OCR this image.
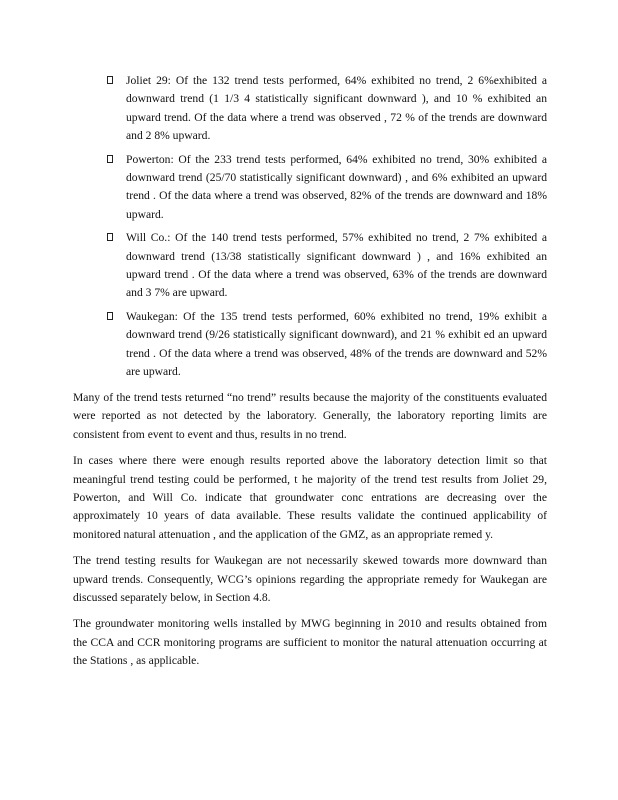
Joliet 29: Of the 132 trend tests performed, 64% exhibited no trend, 2 6%exhibited a downward trend (1 1/3 4 statistically significant downward ), and 10 % exhibited an upward trend. Of the data where a trend was observed , 72 % of the trends are downward and 2 8% upward.
Powerton: Of the 233 trend tests performed, 64% exhibited no trend, 30% exhibited a downward trend (25/70 statistically significant downward) , and 6% exhibited an upward trend . Of the data where a trend was observed, 82% of the trends are downward and 18% upward.
Will Co.: Of the 140 trend tests performed, 57% exhibited no trend, 2 7% exhibited a downward trend (13/38 statistically significant downward ) , and 16% exhibited an upward trend . Of the data where a trend was observed, 63% of the trends are downward and 3 7% are upward.
Waukegan: Of the 135 trend tests performed, 60% exhibited no trend, 19% exhibit a downward trend (9/26 statistically significant downward), and 21 % exhibit ed an upward trend . Of the data where a trend was observed, 48% of the trends are downward and 52% are upward.

Many of the trend tests returned “no trend” results because the majority of the constituents evaluated were reported as not detected by the laboratory. Generally, the laboratory reporting limits are consistent from event to event and thus, results in no trend.

In cases where there were enough results reported above the laboratory detection limit so that meaningful trend testing could be performed, t he majority of the trend test results from Joliet 29, Powerton, and Will Co. indicate that groundwater conc entrations are decreasing over the approximately 10 years of data available. These results validate the continued applicability of monitored natural attenuation , and the application of the GMZ, as an appropriate remed y.

The trend testing results for Waukegan are not necessarily skewed towards more downward than upward trends. Consequently, WCG’s opinions regarding the appropriate remedy for Waukegan are discussed separately below, in Section 4.8.

The groundwater monitoring wells installed by MWG beginning in 2010 and results obtained from the CCA and CCR monitoring programs are sufficient to monitor the natural attenuation occurring at the Stations , as applicable.
